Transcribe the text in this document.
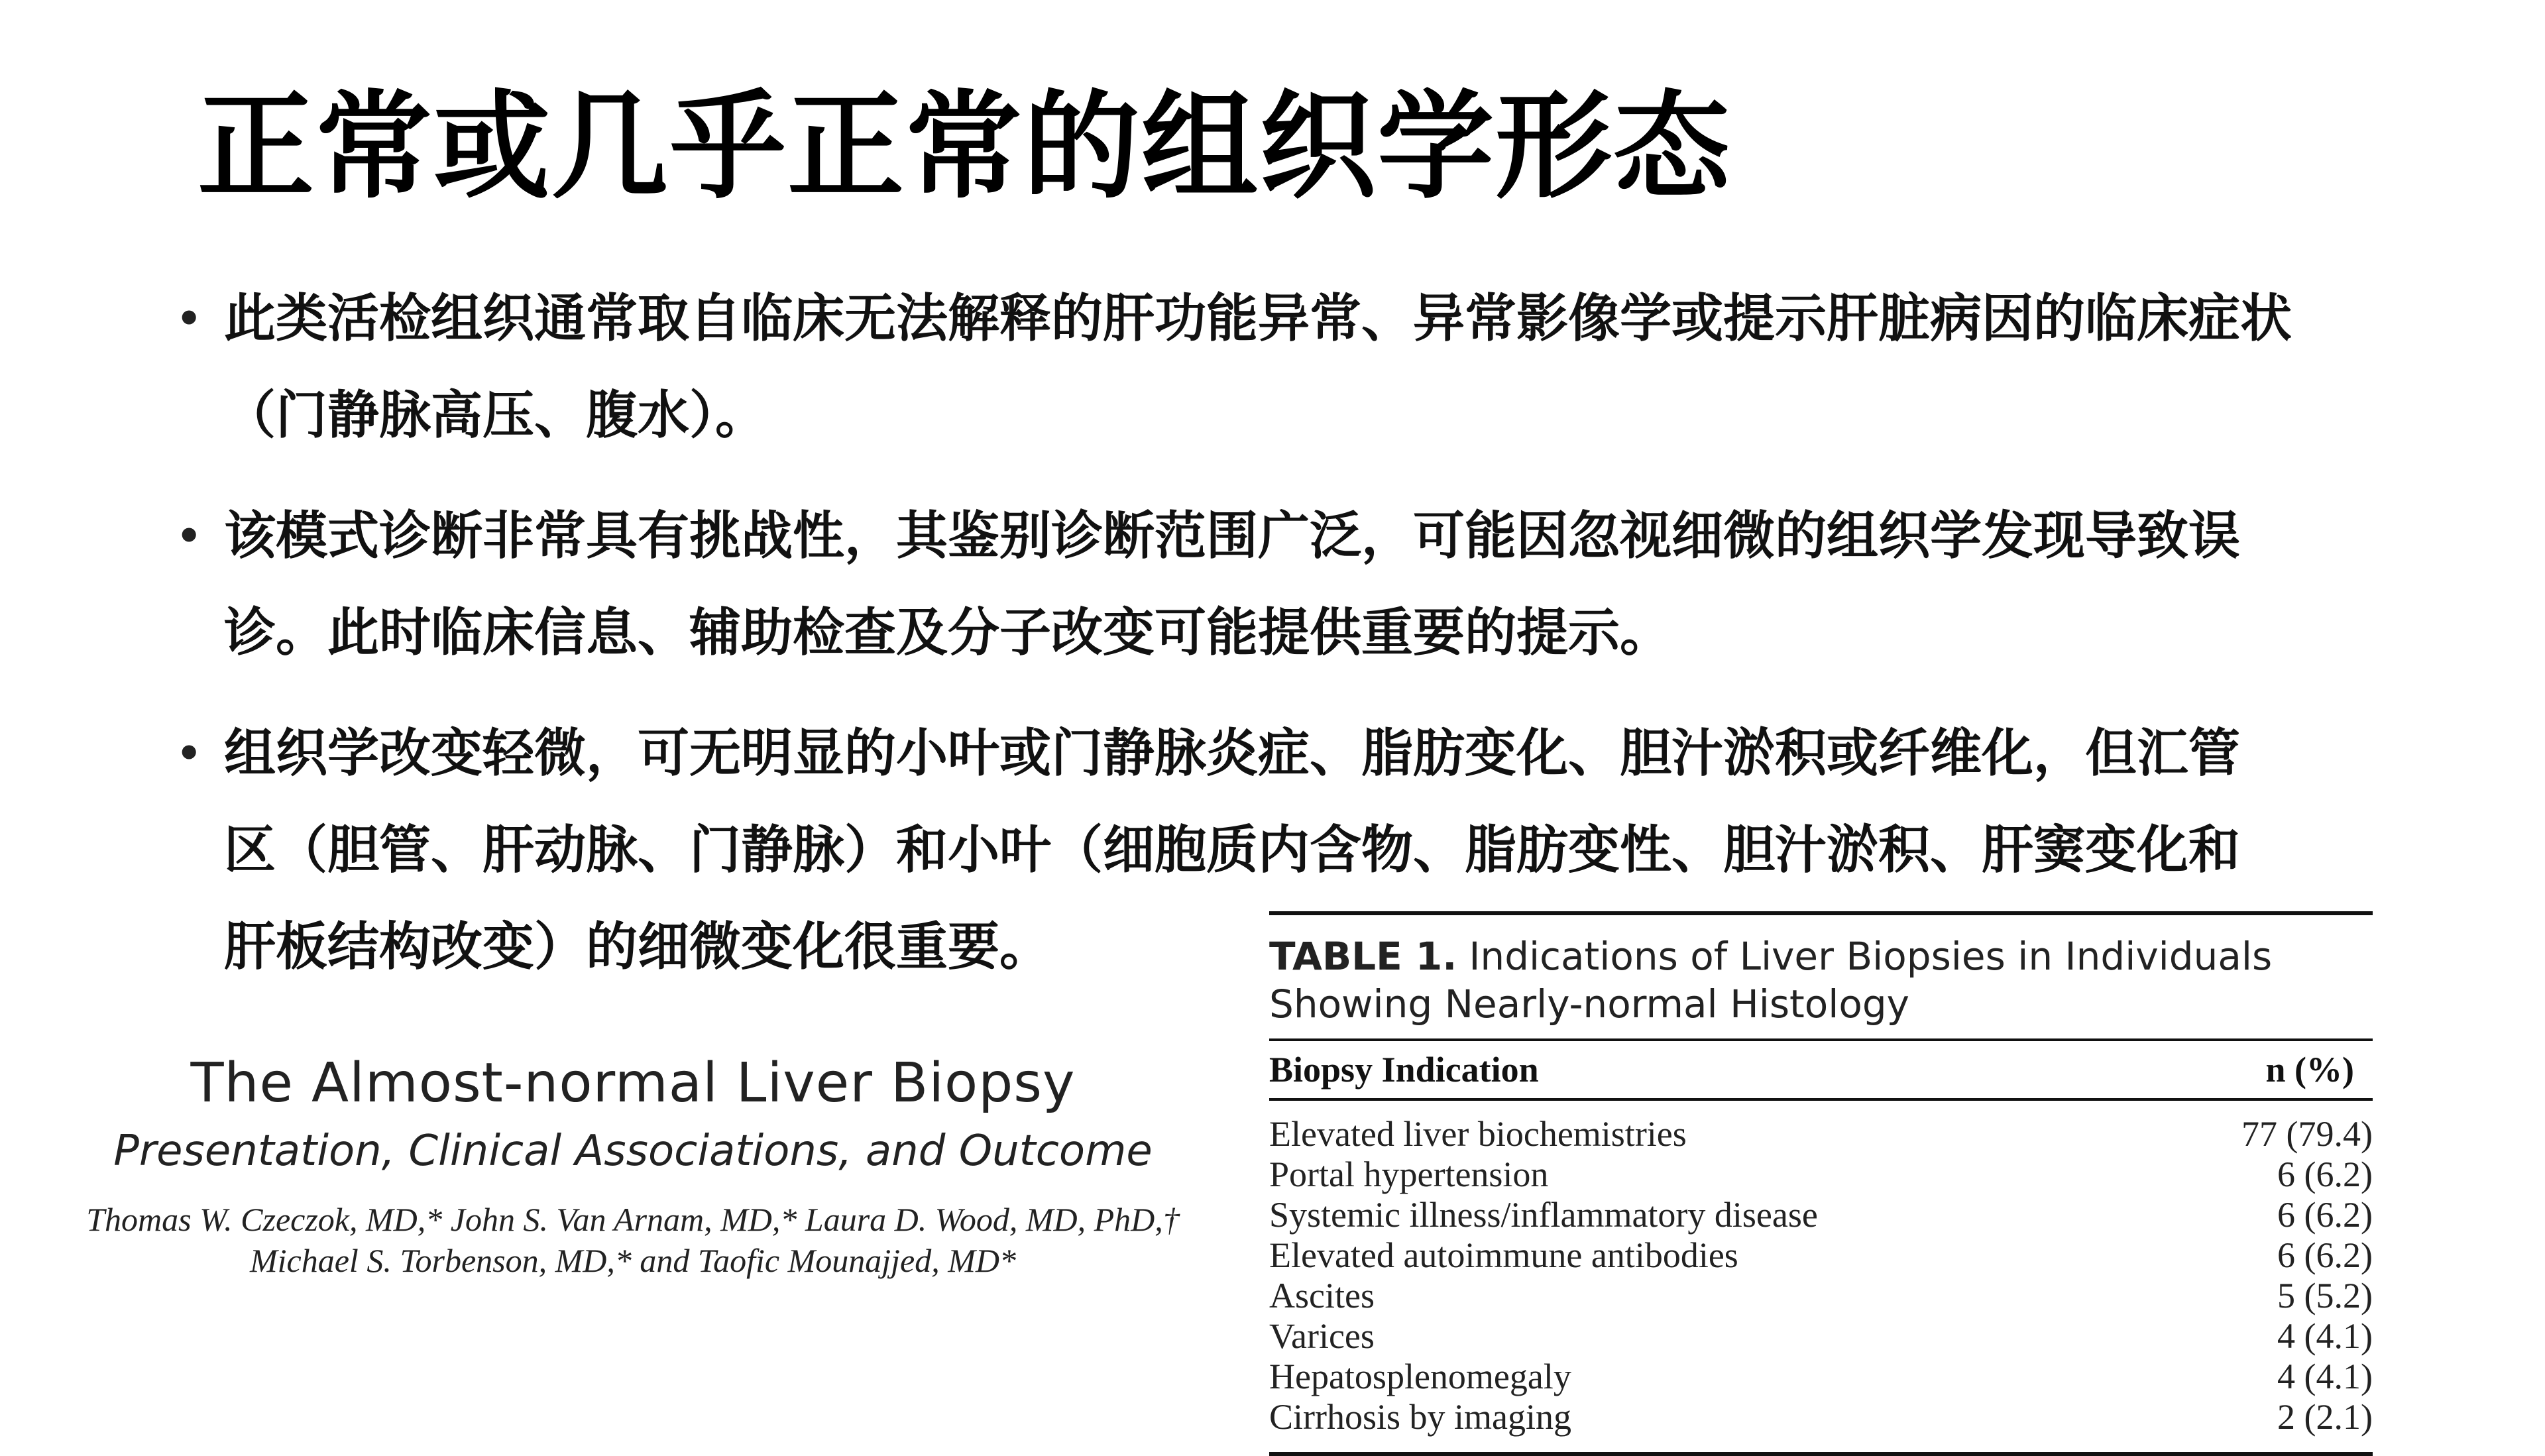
正常或几乎正常的组织学形态
• 此类活检组织通常取自临床无法解释的肝功能异常、异常影像学或提示肝脏病因的临床症状（门静脉高压、腹水）。
• 该模式诊断非常具有挑战性，其鉴别诊断范围广泛，可能因忽视细微的组织学发现导致误诊。此时临床信息、辅助检查及分子改变可能提供重要的提示。
• 组织学改变轻微，可无明显的小叶或门静脉炎症、脂肪变化、胆汁淤积或纤维化，但汇管
区（胆管、肝动脉、门静脉）和小叶（细胞质内含物、脂肪变性、胆汁淤积、肝窦变化和
肝板结构改变）的细微变化很重要。

The Almost-normal Liver Biopsy

Presentation, Clinical Associations, and Outcome

Thomas W. Czeczok, MD,* John S. Van Arnam, MD,* Laura D. Wood, MD, PhD,†

Michael S. Torbenson, MD,* and Taofic Mounajjed, MD*

TABLE 1. Indications of Liver Biopsies in Individuals Showing Nearly-normal Histology
Biopsy Indication	n (%)
Elevated liver biochemistries	77 (79.4)
Portal hypertension	6 (6.2)
Systemic illness/inflammatory disease	6 (6.2)
Elevated autoimmune antibodies	6 (6.2)
Ascites	5 (5.2)
Varices	4 (4.1)
Hepatosplenomegaly	4 (4.1)
Cirrhosis by imaging	2 (2.1)
